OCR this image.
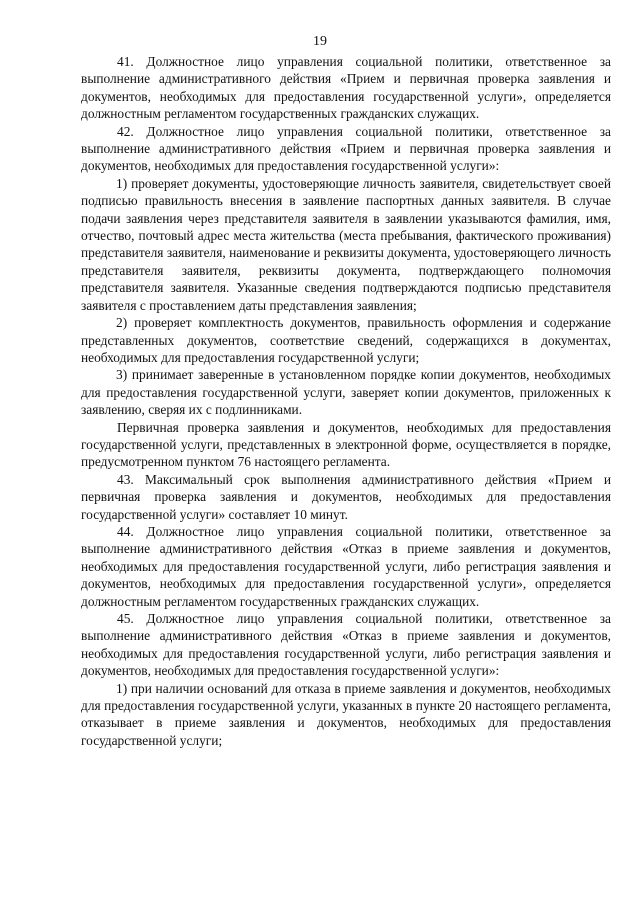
19

41. Должностное лицо управления социальной политики, ответственное за выполнение административного действия «Прием и первичная проверка заявления и документов, необходимых для предоставления государственной услуги», определяется должностным регламентом государственных гражданских служащих.

42. Должностное лицо управления социальной политики, ответственное за выполнение административного действия «Прием и первичная проверка заявления и документов, необходимых для предоставления государственной услуги»:

1) проверяет документы, удостоверяющие личность заявителя, свидетельствует своей подписью правильность внесения в заявление паспортных данных заявителя. В случае подачи заявления через представителя заявителя в заявлении указываются фамилия, имя, отчество, почтовый адрес места жительства (места пребывания, фактического проживания) представителя заявителя, наименование и реквизиты документа, удостоверяющего личность представителя заявителя, реквизиты документа, подтверждающего полномочия представителя заявителя. Указанные сведения подтверждаются подписью представителя заявителя с проставлением даты представления заявления;

2) проверяет комплектность документов, правильность оформления и содержание представленных документов, соответствие сведений, содержащихся в документах, необходимых для предоставления государственной услуги;

3) принимает заверенные в установленном порядке копии документов, необходимых для предоставления государственной услуги, заверяет копии документов, приложенных к заявлению, сверяя их с подлинниками.

Первичная проверка заявления и документов, необходимых для предоставления государственной услуги, представленных в электронной форме, осуществляется в порядке, предусмотренном пунктом 76 настоящего регламента.

43. Максимальный срок выполнения административного действия «Прием и первичная проверка заявления и документов, необходимых для предоставления государственной услуги» составляет 10 минут.

44. Должностное лицо управления социальной политики, ответственное за выполнение административного действия «Отказ в приеме заявления и документов, необходимых для предоставления государственной услуги, либо регистрация заявления и документов, необходимых для предоставления государственной услуги», определяется должностным регламентом государственных гражданских служащих.

45. Должностное лицо управления социальной политики, ответственное за выполнение административного действия «Отказ в приеме заявления и документов, необходимых для предоставления государственной услуги, либо регистрация заявления и документов, необходимых для предоставления государственной услуги»:

1) при наличии оснований для отказа в приеме заявления и документов, необходимых для предоставления государственной услуги, указанных в пункте 20 настоящего регламента, отказывает в приеме заявления и документов, необходимых для предоставления государственной услуги;
